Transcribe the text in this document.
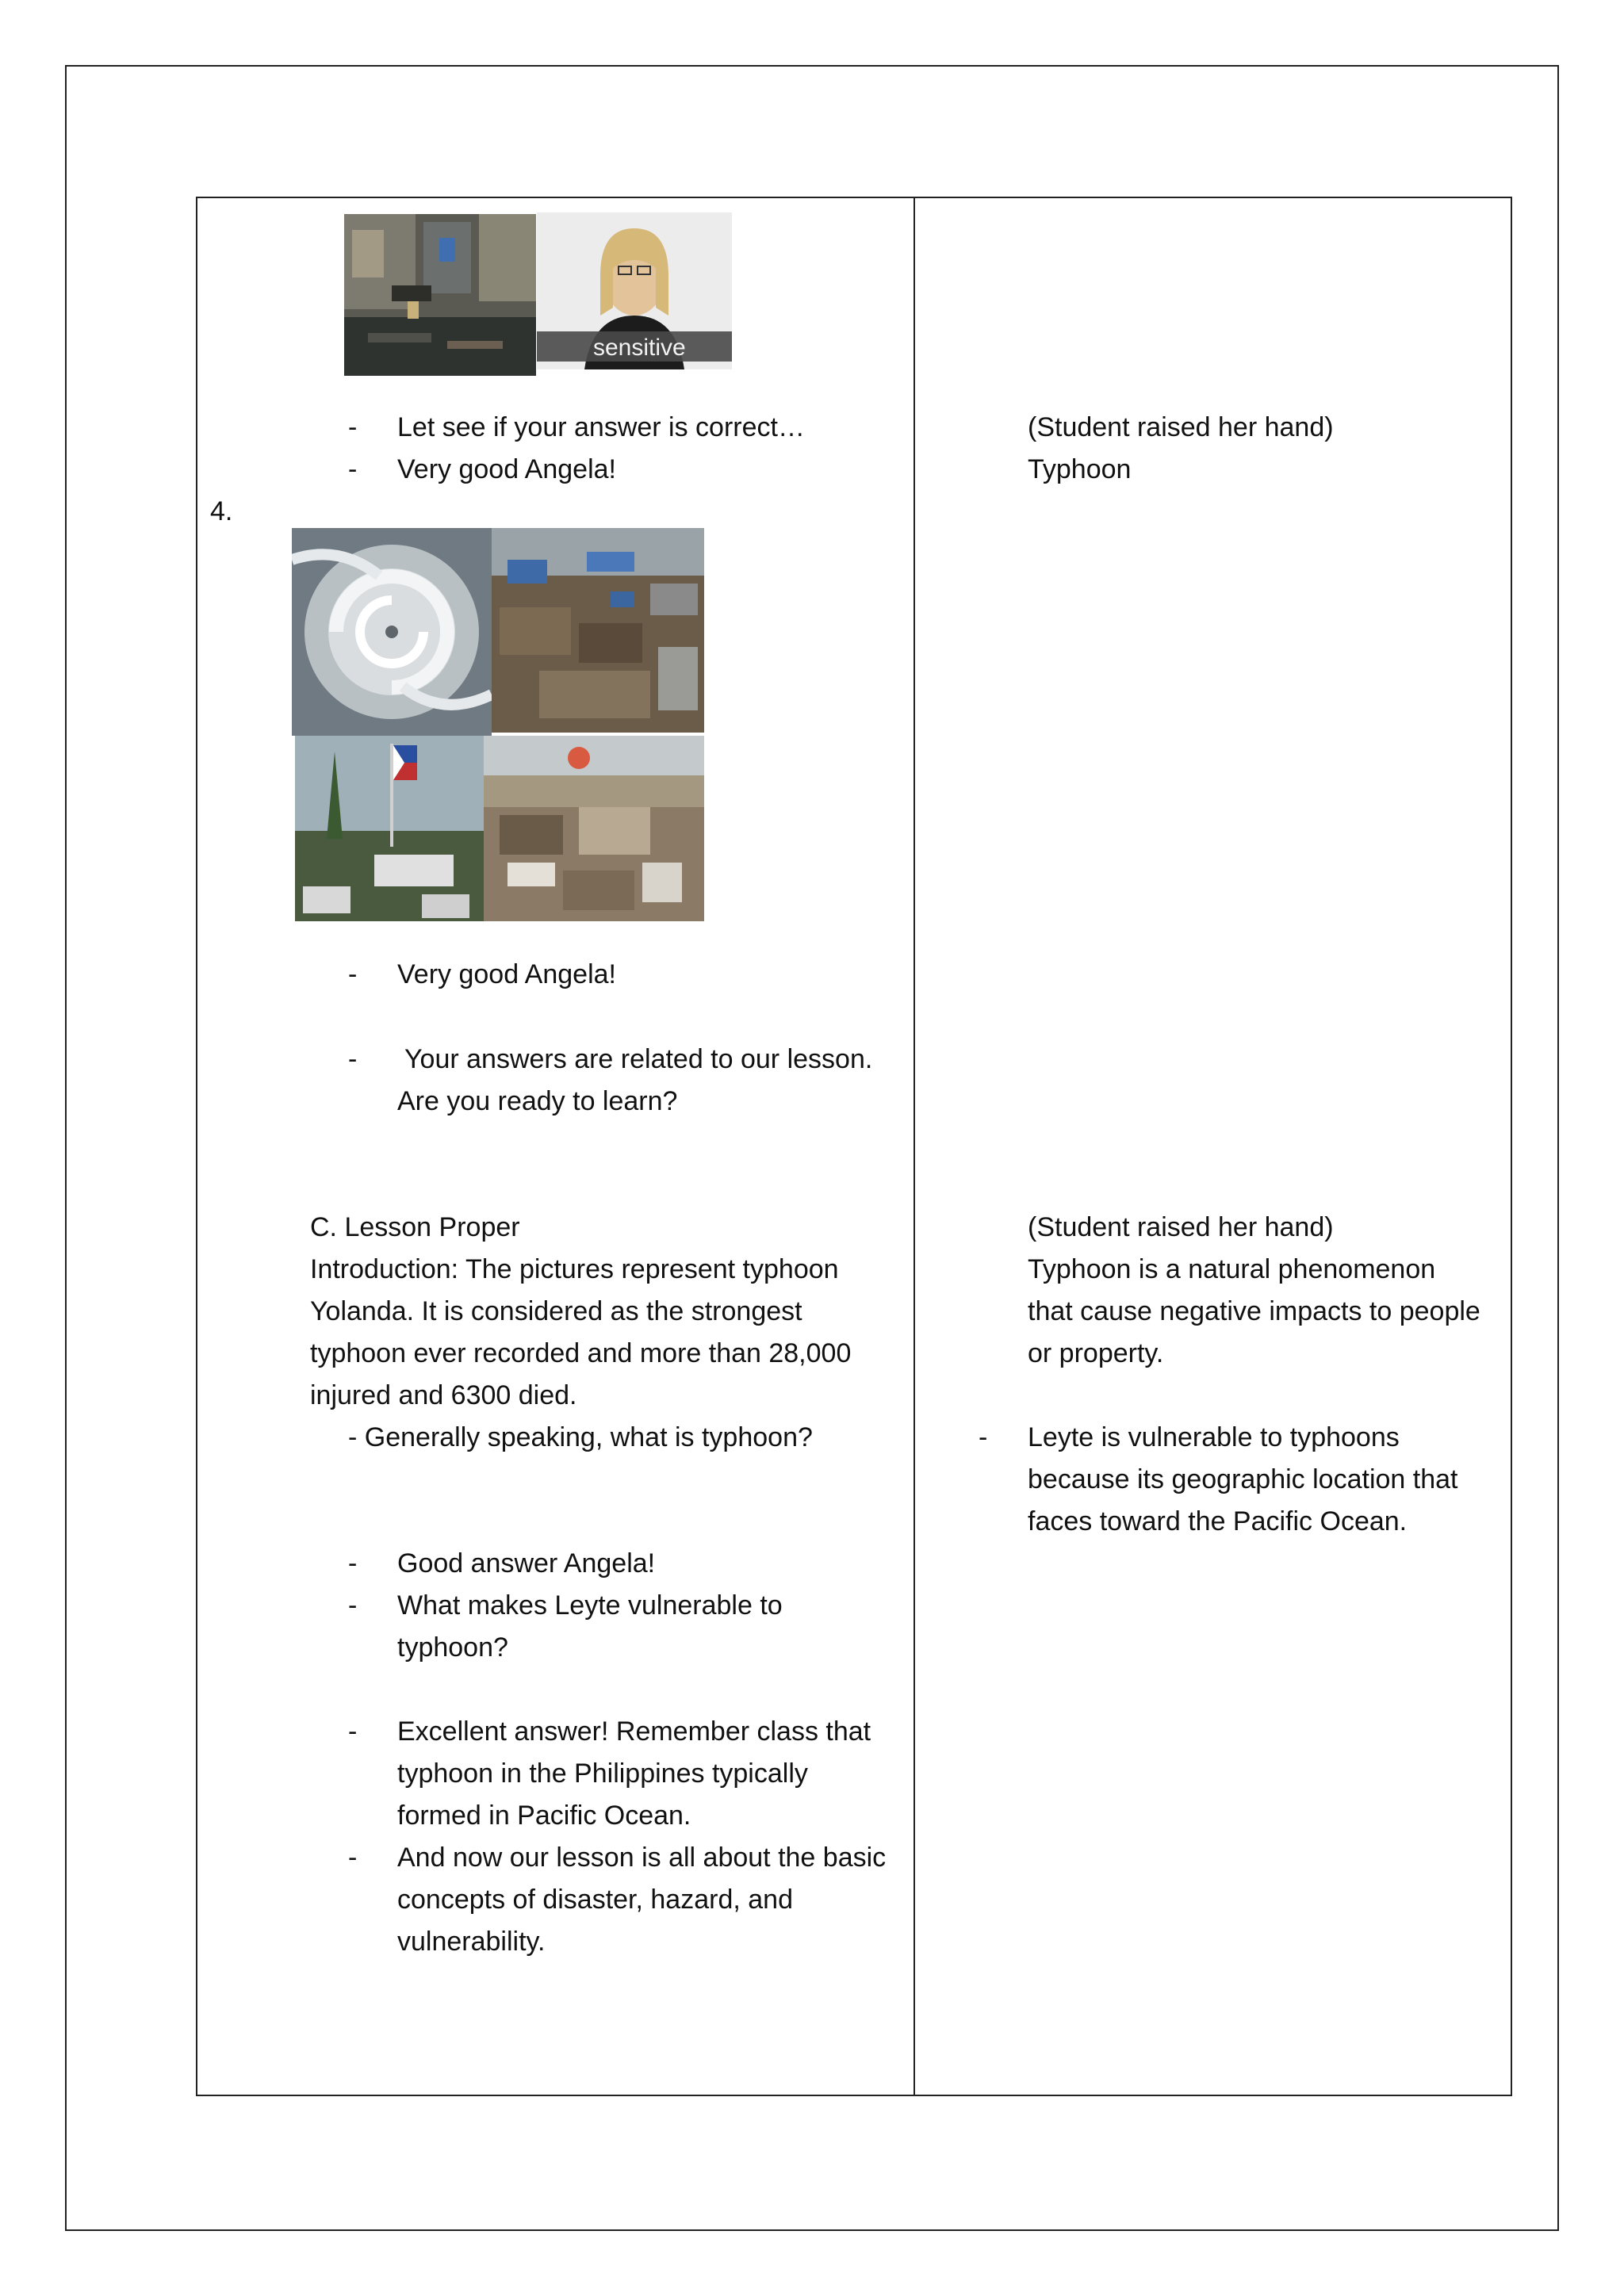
sensitive
- Let see if your answer is correct…
- Very good Angela!
4.
- Very good Angela!
- Your answers are related to our lesson.
Are you ready to learn?
C. Lesson Proper
Introduction: The pictures represent typhoon
Yolanda. It is considered as the strongest
typhoon ever recorded and more than 28,000
injured and 6300 died.
- Generally speaking, what is typhoon?
- Good answer Angela!
- What makes Leyte vulnerable to
typhoon?
- Excellent answer! Remember class that
typhoon in the Philippines typically
formed in Pacific Ocean.
- And now our lesson is all about the basic
concepts of disaster, hazard, and
vulnerability.
(Student raised her hand)
Typhoon
(Student raised her hand)
Typhoon is a natural phenomenon
that cause negative impacts to people
or property.
- Leyte is vulnerable to typhoons
because its geographic location that
faces toward the Pacific Ocean.
